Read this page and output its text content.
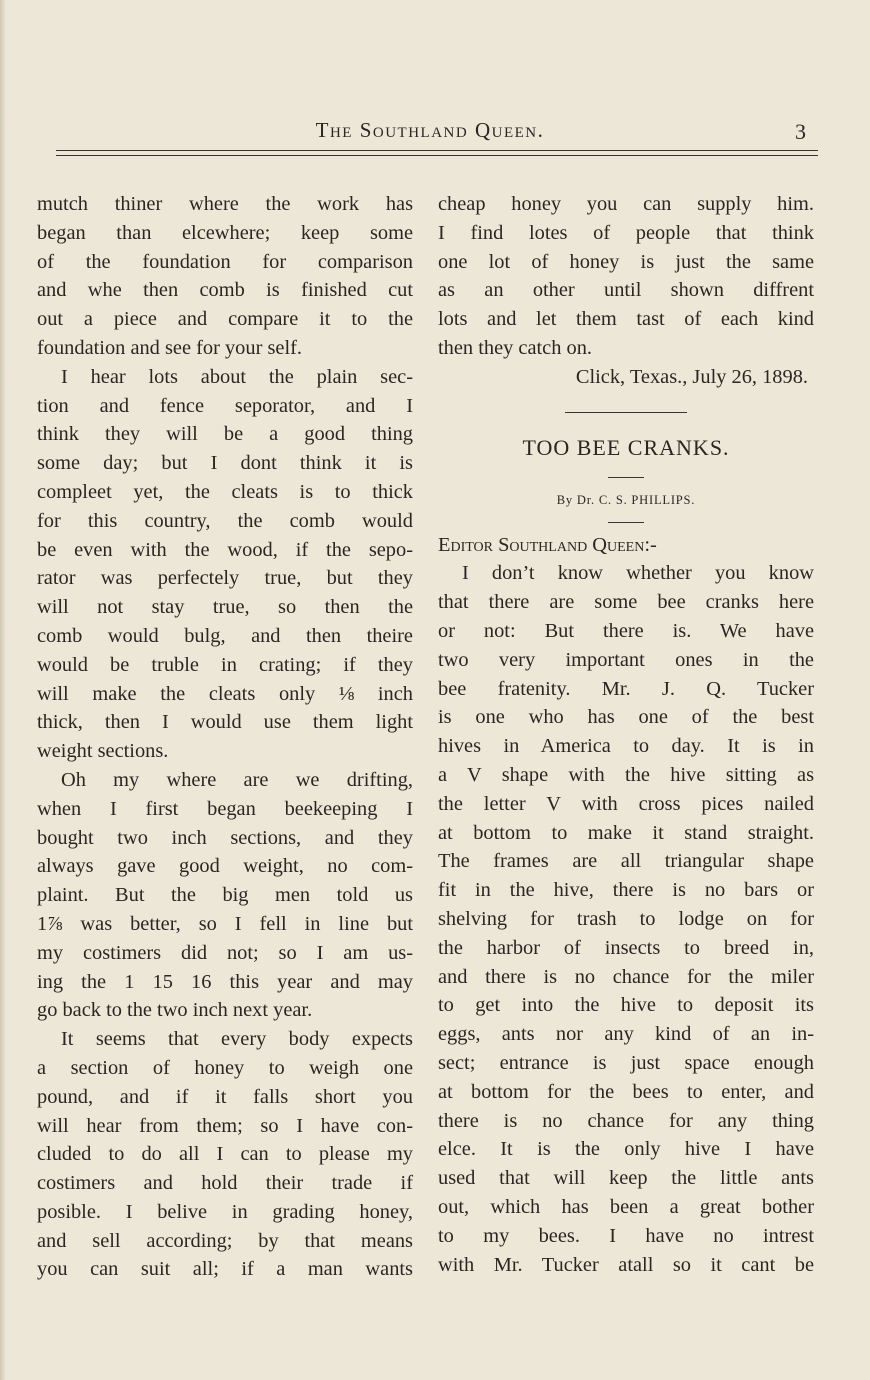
The Southland Queen.	3
mutch thiner where the work has
began than elcewhere; keep some
of the foundation for comparison
and whe then comb is finished cut
out a piece and compare it to the
foundation and see for your self.
I hear lots about the plain sec-
tion and fence seporator, and I
think they will be a good thing
some day; but I dont think it is
compleet yet, the cleats is to thick
for this country, the comb would
be even with the wood, if the sepo-
rator was perfectely true, but they
will not stay true, so then the
comb would bulg, and then theire
would be truble in crating; if they
will make the cleats only ⅛ inch
thick, then I would use them light
weight sections.
Oh my where are we drifting,
when I first began beekeeping I
bought two inch sections, and they
always gave good weight, no com-
plaint. But the big men told us
1⅞ was better, so I fell in line but
my costimers did not; so I am us-
ing the 1 15 16 this year and may
go back to the two inch next year.
It seems that every body expects
a section of honey to weigh one
pound, and if it falls short you
will hear from them; so I have con-
cluded to do all I can to please my
costimers and hold their trade if
posible. I belive in grading honey,
and sell according; by that means
you can suit all; if a man wants
cheap honey you can supply him.
I find lotes of people that think
one lot of honey is just the same
as an other until shown diffrent
lots and let them tast of each kind
then they catch on.
Click, Texas., July 26, 1898.
TOO BEE CRANKS.
By Dr. C. S. PHILLIPS.
Editor Southland Queen:-
I don’t know whether you know
that there are some bee cranks here
or not: But there is. We have
two very important ones in the
bee fratenity. Mr. J. Q. Tucker
is one who has one of the best
hives in America to day. It is in
a V shape with the hive sitting as
the letter V with cross pices nailed
at bottom to make it stand straight.
The frames are all triangular shape
fit in the hive, there is no bars or
shelving for trash to lodge on for
the harbor of insects to breed in,
and there is no chance for the miler
to get into the hive to deposit its
eggs, ants nor any kind of an in-
sect; entrance is just space enough
at bottom for the bees to enter, and
there is no chance for any thing
elce. It is the only hive I have
used that will keep the little ants
out, which has been a great bother
to my bees. I have no intrest
with Mr. Tucker atall so it cant be
